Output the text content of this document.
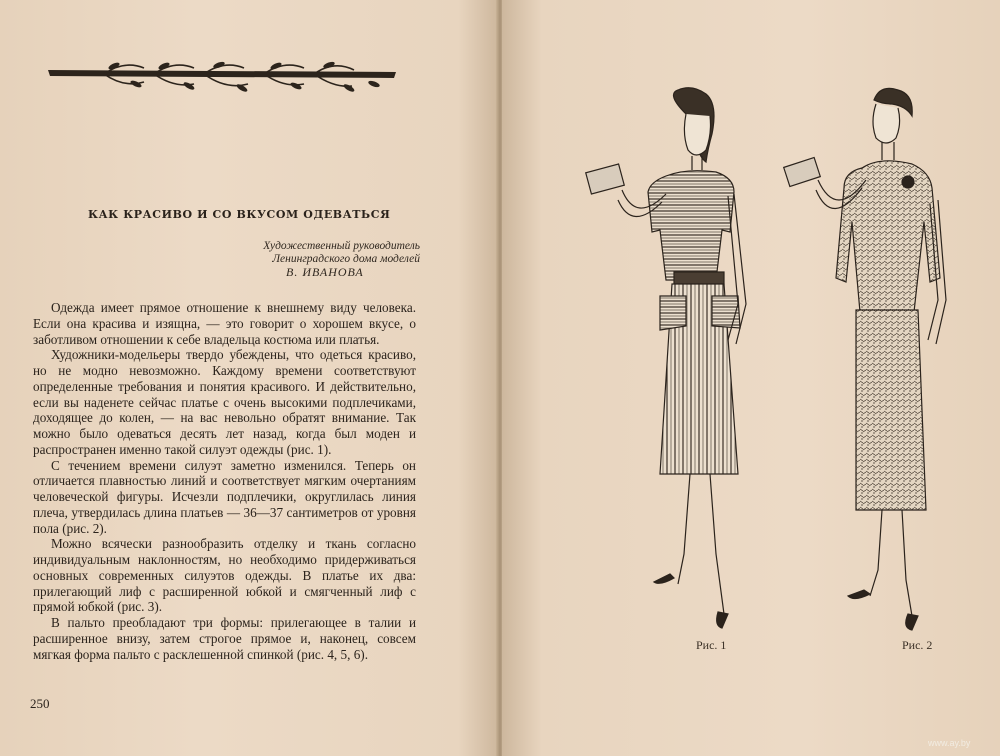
КАК КРАСИВО И СО ВКУСОМ ОДЕВАТЬСЯ
Художественный руководитель
Ленинградского дома моделей
В. ИВАНОВА

Одежда имеет прямое отношение к внешнему виду человека. Если она красива и изящна, — это говорит о хорошем вкусе, о заботливом отношении к себе владельца костюма или платья.

Художники-модельеры твердо убеждены, что одеться красиво, но не модно невозможно. Каждому времени соответствуют определенные требования и понятия красивого. И действительно, если вы наденете сейчас платье с очень высокими подплечиками, доходящее до колен, — на вас невольно обратят внимание. Так можно было одеваться десять лет назад, когда был моден и распространен именно такой силуэт одежды (рис. 1).

С течением времени силуэт заметно изменился. Теперь он отличается плавностью линий и соответствует мягким очертаниям человеческой фигуры. Исчезли подплечики, округлилась линия плеча, утвердилась длина платьев — 36—37 сантиметров от уровня пола (рис. 2).

Можно всячески разнообразить отделку и ткань согласно индивидуальным наклонностям, но необходимо придерживаться основных современных силуэтов одежды. В платье их два: прилегающий лиф с расширенной юбкой и смягченный лиф с прямой юбкой (рис. 3).

В пальто преобладают три формы: прилегающее в талии и расширенное внизу, затем строгое прямое и, наконец, совсем мягкая форма пальто с расклешенной спинкой (рис. 4, 5, 6).

250
Рис. 1	Рис. 2
www.ay.by
